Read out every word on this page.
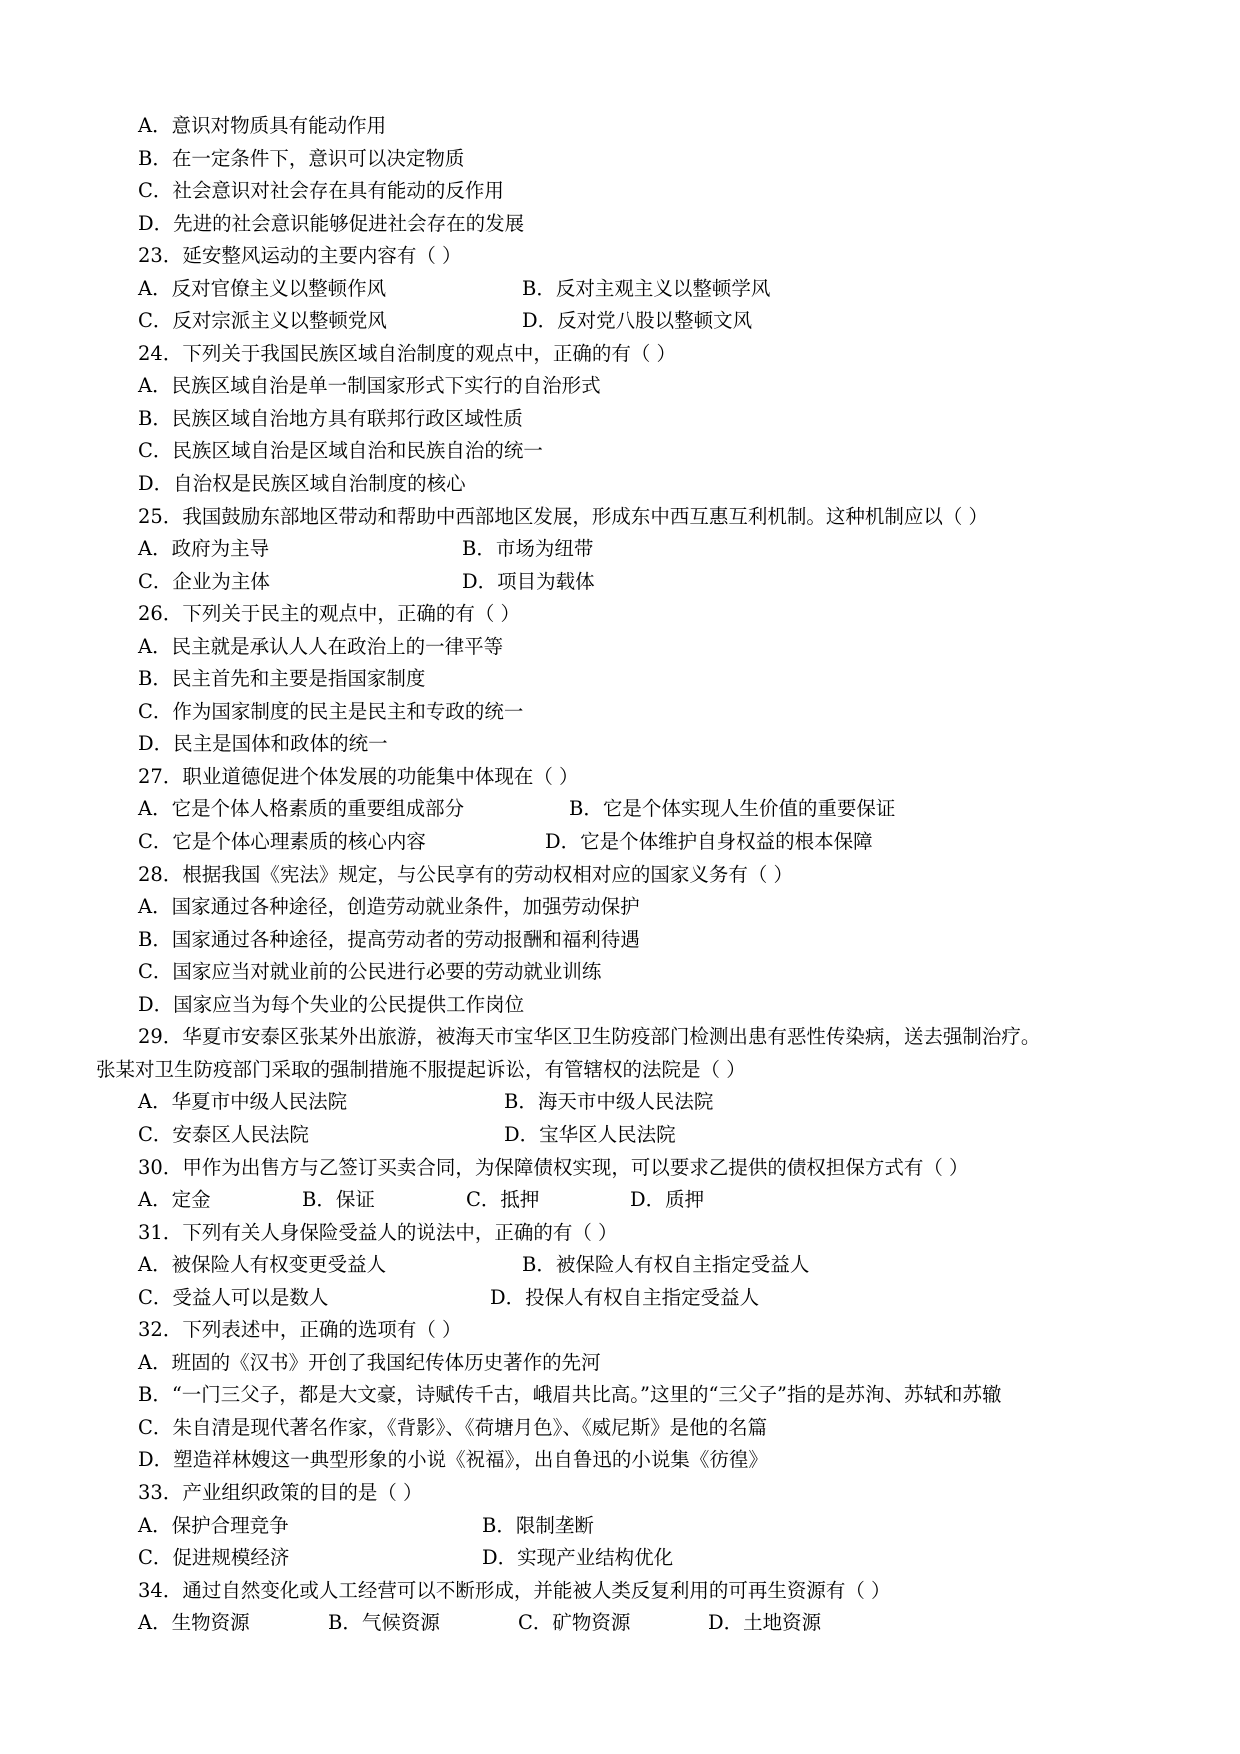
A．意识对物质具有能动作用
B．在一定条件下，意识可以决定物质
C．社会意识对社会存在具有能动的反作用
D．先进的社会意识能够促进社会存在的发展
23．延安整风运动的主要内容有（ ）
A．反对官僚主义以整顿作风	B．反对主观主义以整顿学风
C．反对宗派主义以整顿党风	D．反对党八股以整顿文风
24．下列关于我国民族区域自治制度的观点中，正确的有（ ）
A．民族区域自治是单一制国家形式下实行的自治形式
B．民族区域自治地方具有联邦行政区域性质
C．民族区域自治是区域自治和民族自治的统一
D．自治权是民族区域自治制度的核心
25．我国鼓励东部地区带动和帮助中西部地区发展，形成东中西互惠互利机制。这种机制应以（ ）
A．政府为主导	B．市场为纽带
C．企业为主体	D．项目为载体
26．下列关于民主的观点中，正确的有（ ）
A．民主就是承认人人在政治上的一律平等
B．民主首先和主要是指国家制度
C．作为国家制度的民主是民主和专政的统一
D．民主是国体和政体的统一
27．职业道德促进个体发展的功能集中体现在（ ）
A．它是个体人格素质的重要组成部分	B．它是个体实现人生价值的重要保证
C．它是个体心理素质的核心内容	D．它是个体维护自身权益的根本保障
28．根据我国《宪法》规定，与公民享有的劳动权相对应的国家义务有（ ）
A．国家通过各种途径，创造劳动就业条件，加强劳动保护
B．国家通过各种途径，提高劳动者的劳动报酬和福利待遇
C．国家应当对就业前的公民进行必要的劳动就业训练
D．国家应当为每个失业的公民提供工作岗位
29．华夏市安泰区张某外出旅游，被海天市宝华区卫生防疫部门检测出患有恶性传染病，送去强制治疗。
张某对卫生防疫部门采取的强制措施不服提起诉讼，有管辖权的法院是（ ）
A．华夏市中级人民法院	B．海天市中级人民法院
C．安泰区人民法院	D．宝华区人民法院
30．甲作为出售方与乙签订买卖合同，为保障债权实现，可以要求乙提供的债权担保方式有（ ）
A．定金	B．保证	C．抵押	D．质押
31．下列有关人身保险受益人的说法中，正确的有（ ）
A．被保险人有权变更受益人	B．被保险人有权自主指定受益人
C．受益人可以是数人	D．投保人有权自主指定受益人
32．下列表述中，正确的选项有（ ）
A．班固的《汉书》开创了我国纪传体历史著作的先河
B．“一门三父子，都是大文豪，诗赋传千古，峨眉共比高。”这里的“三父子”指的是苏洵、苏轼和苏辙
C．朱自清是现代著名作家，《背影》、《荷塘月色》、《威尼斯》是他的名篇
D．塑造祥林嫂这一典型形象的小说《祝福》，出自鲁迅的小说集《彷徨》
33．产业组织政策的目的是（ ）
A．保护合理竞争	B．限制垄断
C．促进规模经济	D．实现产业结构优化
34．通过自然变化或人工经营可以不断形成，并能被人类反复利用的可再生资源有（ ）
A．生物资源	B．气候资源	C．矿物资源	D．土地资源
